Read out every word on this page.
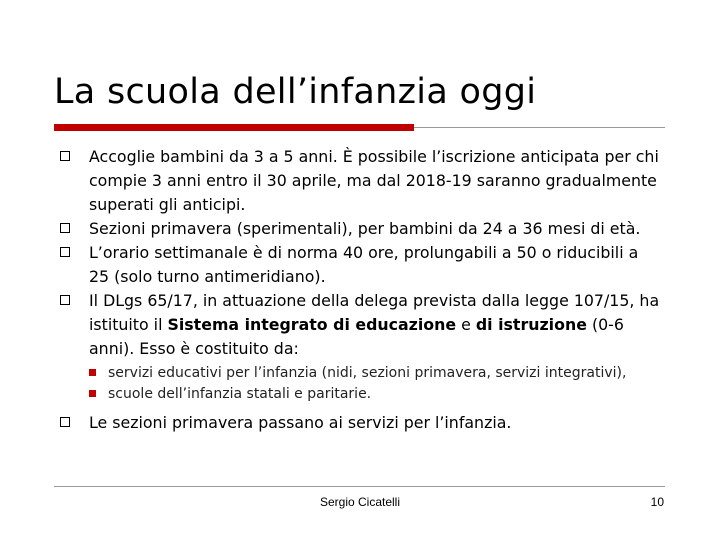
La scuola dell’infanzia oggi
Accoglie bambini da 3 a 5 anni. È possibile l’iscrizione anticipata per chi compie 3 anni entro il 30 aprile, ma dal 2018-19 saranno gradualmente superati gli anticipi.
Sezioni primavera (sperimentali), per bambini da 24 a 36 mesi di età.
L’orario settimanale è di norma 40 ore, prolungabili a 50 o riducibili a 25 (solo turno antimeridiano).
Il DLgs 65/17, in attuazione della delega prevista dalla legge 107/15, ha istituito il Sistema integrato di educazione e di istruzione (0-6 anni). Esso è costituito da:
servizi educativi per l’infanzia (nidi, sezioni primavera, servizi integrativi),
scuole dell’infanzia statali e paritarie.
Le sezioni primavera passano ai servizi per l’infanzia.
Sergio Cicatelli	10
